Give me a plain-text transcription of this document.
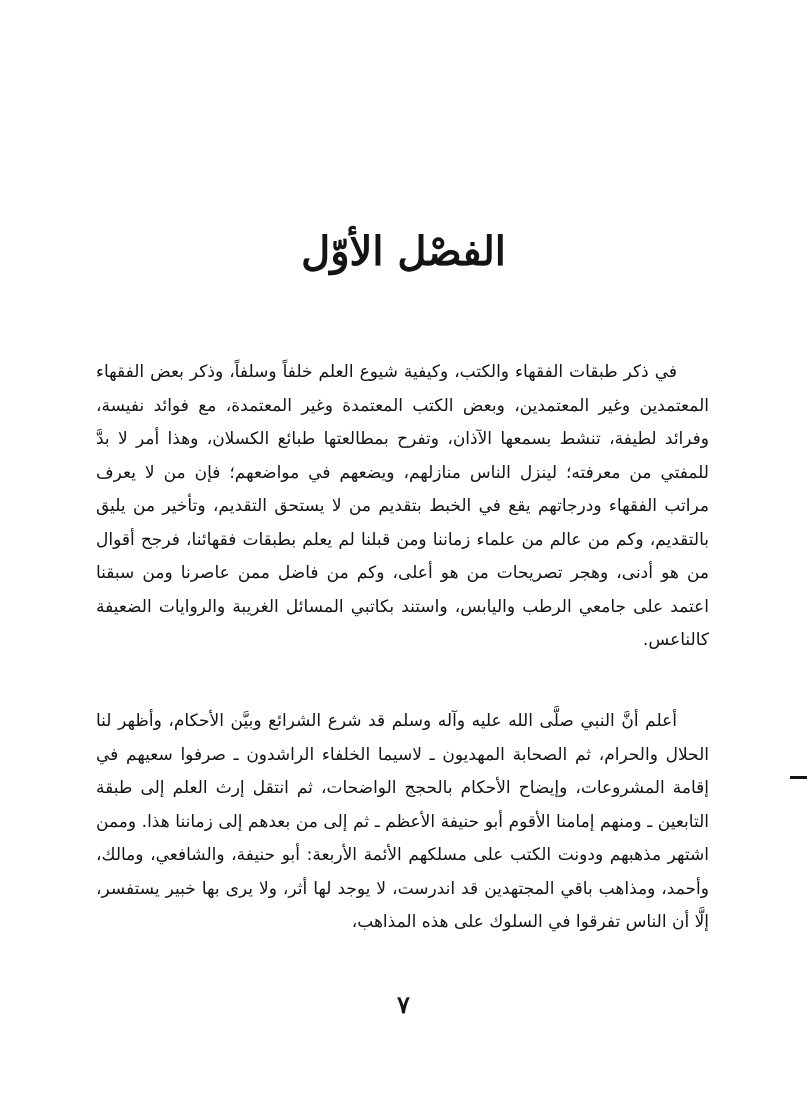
الفصْل الأوّل

في ذكر طبقات الفقهاء والكتب، وكيفية شيوع العلم خلفاً وسلفاً، وذكر بعض الفقهاء المعتمدين وغير المعتمدين، وبعض الكتب المعتمدة وغير المعتمدة، مع فوائد نفيسة، وفرائد لطيفة، تنشط بسمعها الآذان، وتفرح بمطالعتها طبائع الكسلان، وهذا أمر لا بدَّ للمفتي من معرفته؛ لينزل الناس منازلهم، ويضعهم في مواضعهم؛ فإن من لا يعرف مراتب الفقهاء ودرجاتهم يقع في الخبط بتقديم من لا يستحق التقديم، وتأخير من يليق بالتقديم، وكم من عالم من علماء زماننا ومن قبلنا لم يعلم بطبقات فقهائنا، فرجح أقوال من هو أدنى، وهجر تصريحات من هو أعلى، وكم من فاضل ممن عاصرنا ومن سبقنا اعتمد على جامعي الرطب واليابس، واستند بكاتبي المسائل الغريبة والروايات الضعيفة كالناعس.

أعلم أنَّ النبي صلَّى الله عليه وآله وسلم قد شرع الشرائع وبيَّن الأحكام، وأظهر لنا الحلال والحرام، ثم الصحابة المهديون ـ لاسيما الخلفاء الراشدون ـ صرفوا سعيهم في إقامة المشروعات، وإيضاح الأحكام بالحجج الواضحات، ثم انتقل إرث العلم إلى طبقة التابعين ـ ومنهم إمامنا الأقوم أبو حنيفة الأعظم ـ ثم إلى من بعدهم إلى زماننا هذا. وممن اشتهر مذهبهم ودونت الكتب على مسلكهم الأئمة الأربعة: أبو حنيفة، والشافعي، ومالك، وأحمد، ومذاهب باقي المجتهدين قد اندرست، لا يوجد لها أثر، ولا يرى بها خبير يستفسر، إلَّا أن الناس تفرقوا في السلوك على هذه المذاهب،

٧
